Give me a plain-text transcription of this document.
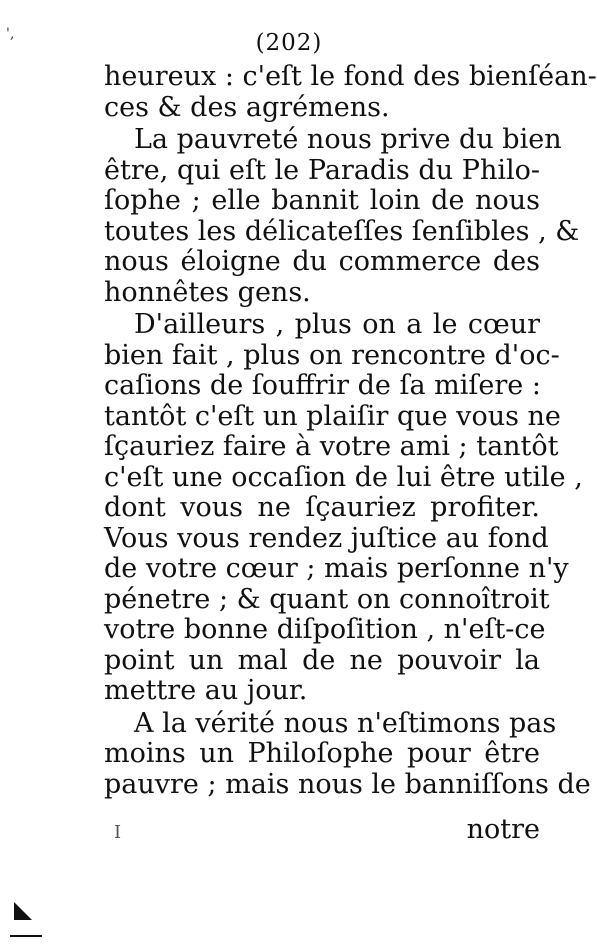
'‚	(202)
heureux : c'eſt le fond des bienſéan-
ces & des agrémens.
La pauvreté nous prive du bien
être, qui eſt le Paradis du Philo-
ſophe ; elle bannit loin de nous
toutes les délicateſſes ſenſibles , &
nous éloigne du commerce des
honnêtes gens.
D'ailleurs , plus on a le cœur
bien fait , plus on rencontre d'oc-
caſions de ſouffrir de ſa miſere :
tantôt c'eſt un plaiſir que vous ne
ſçauriez faire à votre ami ; tantôt
c'eſt une occaſion de lui être utile ,
dont vous ne ſçauriez profiter.
Vous vous rendez juſtice au fond
de votre cœur ; mais perſonne n'y
pénetre ; & quant on connoîtroit
votre bonne diſpoſition , n'eſt-ce
point un mal de ne pouvoir la
mettre au jour.
A la vérité nous n'eſtimons pas
moins un Philoſophe pour être
pauvre ; mais nous le banniſſons de
I	notre
